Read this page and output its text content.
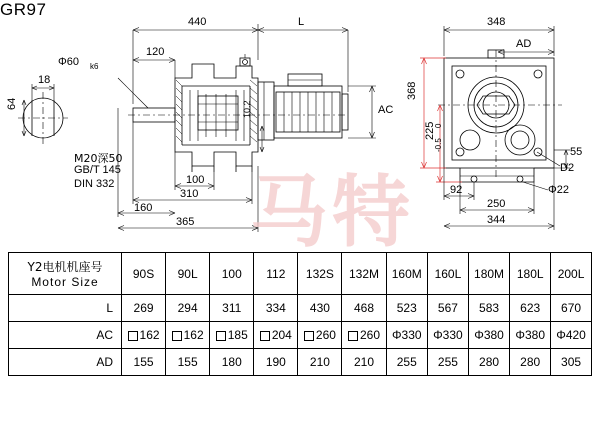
GR97
马特
440	L
120
18
Φ60 k6
64	10.2	AC
100
310
160
365
M20深50
GB/T 145
DIN 332
348
AD
368
225
0
-0.5	55
92
250
344
Φ22
D2
Y2电机机座号
Motor Size	90S	90L	100	112	132S	132M	160M	160L	180M	180L	200L
L	269	294	311	334	430	468	523	567	583	623	670
AC	162	162	185	204	260	260	Φ330	Φ330	Φ380	Φ380	Φ420
AD	155	155	180	190	210	210	255	255	280	280	305
